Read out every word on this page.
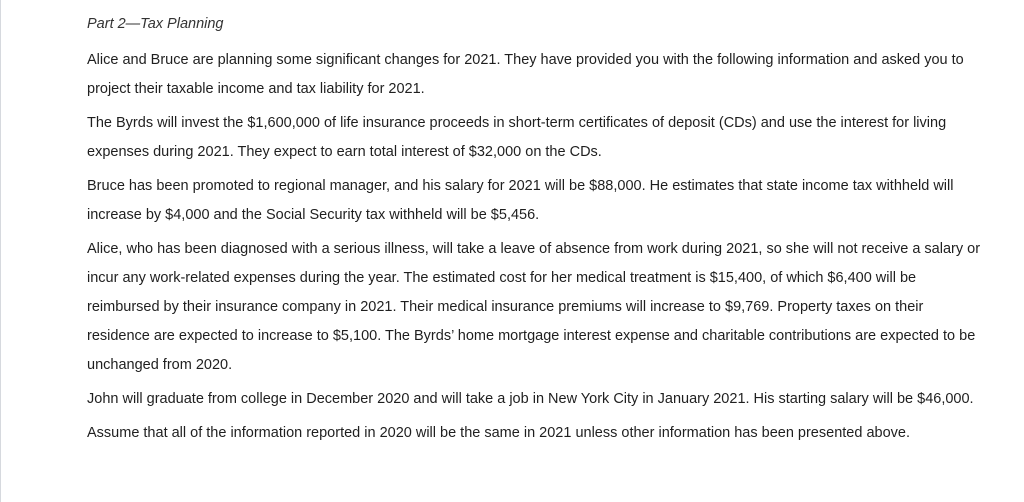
Part 2—Tax Planning

Alice and Bruce are planning some significant changes for 2021. They have provided you with the following information and asked you to project their taxable income and tax liability for 2021.

The Byrds will invest the $1,600,000 of life insurance proceeds in short-term certificates of deposit (CDs) and use the interest for living expenses during 2021. They expect to earn total interest of $32,000 on the CDs.

Bruce has been promoted to regional manager, and his salary for 2021 will be $88,000. He estimates that state income tax withheld will increase by $4,000 and the Social Security tax withheld will be $5,456.

Alice, who has been diagnosed with a serious illness, will take a leave of absence from work during 2021, so she will not receive a salary or incur any work-related expenses during the year. The estimated cost for her medical treatment is $15,400, of which $6,400 will be reimbursed by their insurance company in 2021. Their medical insurance premiums will increase to $9,769. Property taxes on their residence are expected to increase to $5,100. The Byrds’ home mortgage interest expense and charitable contributions are expected to be unchanged from 2020.

John will graduate from college in December 2020 and will take a job in New York City in January 2021. His starting salary will be $46,000.

Assume that all of the information reported in 2020 will be the same in 2021 unless other information has been presented above.
